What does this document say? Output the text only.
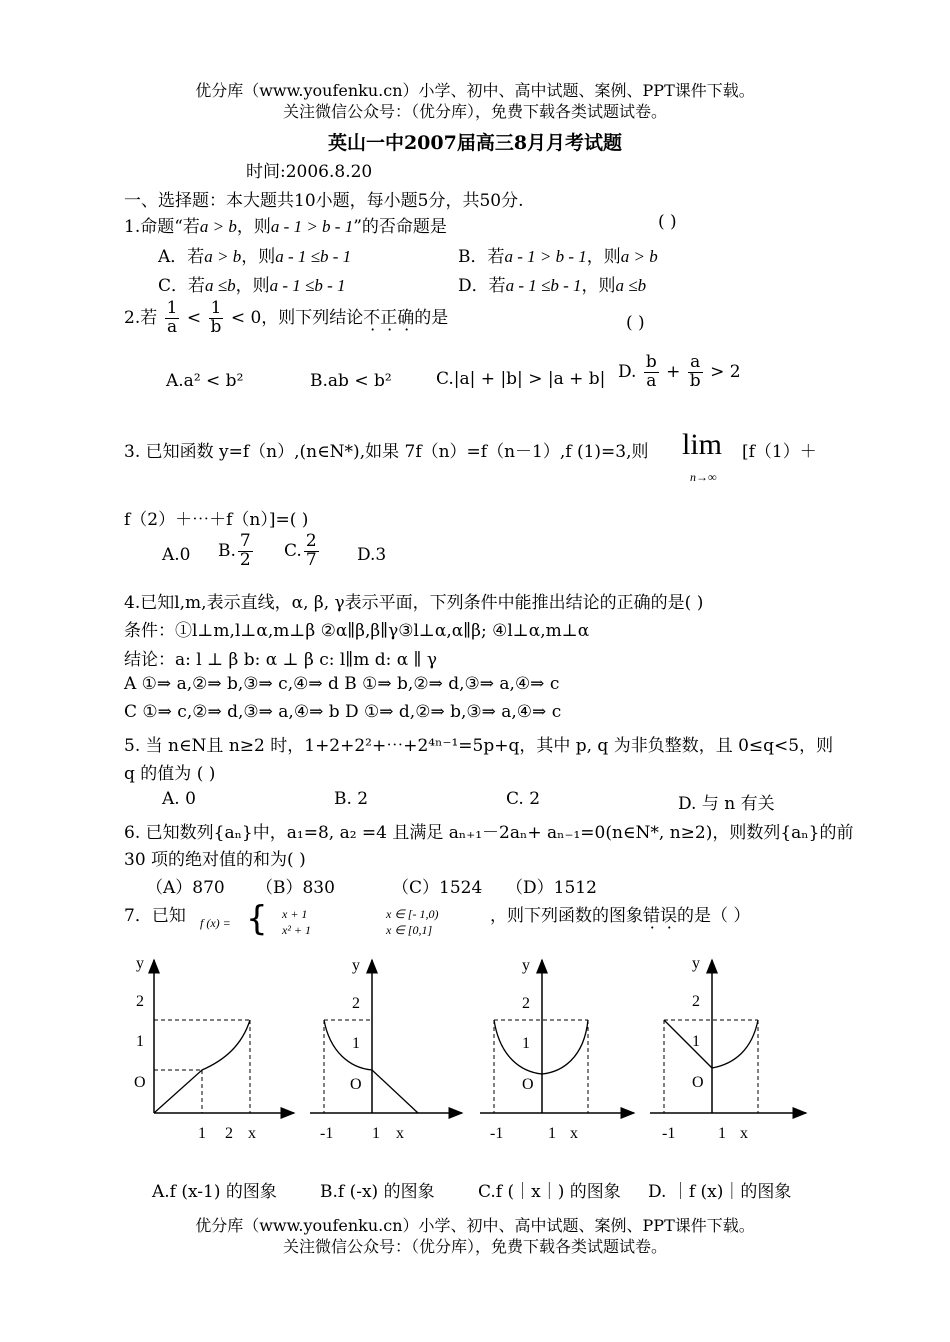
优分库（www.youfenku.cn）小学、初中、高中试题、案例、PPT课件下载。
关注微信公众号：（优分库），免费下载各类试题试卷。
英山一中2007届高三8月月考试题
时间:2006.8.20
一、选择题：本大题共10小题，每小题5分，共50分.
1.命题“若a > b，则a - 1 > b - 1”的否命题是	( )
A．若a > b，则a - 1 ≤b - 1	B．若a - 1 > b - 1，则a > b
C．若a ≤b，则a - 1 ≤b - 1	D．若a - 1 ≤b - 1，则a ≤b
2.若 $\frac{1}{a} < \frac{1}{b} < 0$，则下列结论不正确的是	( )
A.a² < b²	B.ab < b²	C.|a| + |b| > |a + b| D. $\frac{b}{a} + \frac{a}{b} > 2$
3. 已知函数 y=f（n）,(n∈N*),如果 7f（n）=f（n－1）,f (1)=3,则 lim
n→∞
[f（1）＋
f（2）＋⋯＋f（n）]=( )
A.0 B. $\frac{7}{2} C$. $\frac{2}{7} D.3$
4.已知l,m,表示直线，α, β, γ表示平面，下列条件中能推出结论的正确的是( )
条件：①l⊥m,l⊥α,m⊥β ②α∥β,β∥γ③l⊥α,α∥β; ④l⊥α,m⊥α
结论：a: l ⊥ β b: α ⊥ β c: l∥m d: α ∥ γ
A ①⇒ a,②⇒ b,③⇒ c,④⇒ d B ①⇒ b,②⇒ d,③⇒ a,④⇒ c
C ①⇒ c,②⇒ d,③⇒ a,④⇒ b D ①⇒ d,②⇒ b,③⇒ a,④⇒ c
5. 当 n∈N且 n≥2 时，1+2+2²+⋯+2⁴ⁿ⁻¹=5p+q，其中 p, q 为非负整数，且 0≤q<5，则
q 的值为 ( )
A. 0	B. 2	C. 2	D. 与 n 有关
6. 已知数列{aₙ}中，a₁=8, a₂ =4 且满足 aₙ₊₁－2aₙ+ aₙ₋₁=0(n∈N*, n≥2)，则数列{aₙ}的前
30 项的绝对值的和为( )
（A）870 （B）830	（C）1524 （D）1512
7．已知 f (x) = { x + 1	x ∈ [- 1,0)
x² + 1	x ∈ [0,1]
，则下列函数的图象错误的是（ ）
y
2
1
O
1 2 x
y
2
1
O
-1 1 x
y
2
1
O
-1	1 x
y
2
1
O
-1	1 x
A.f (x-1) 的图象	B.f (-x) 的图象	C.f (｜x｜) 的图象 D. ｜f (x)｜的图象
优分库（www.youfenku.cn）小学、初中、高中试题、案例、PPT课件下载。
关注微信公众号：（优分库），免费下载各类试题试卷。
